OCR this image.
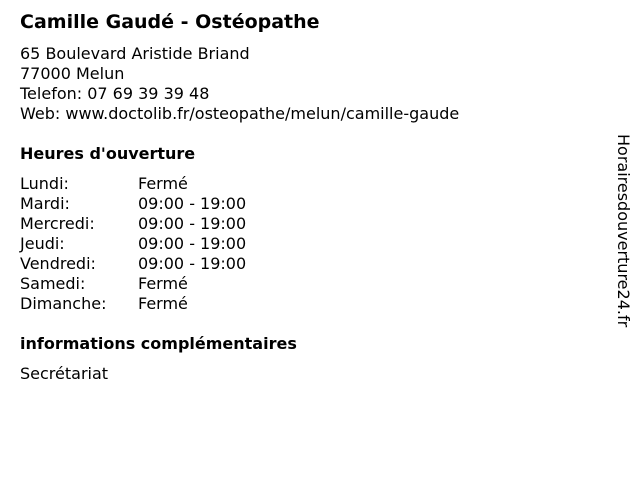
Camille Gaudé - Ostéopathe
65 Boulevard Aristide Briand
77000 Melun
Telefon: 07 69 39 39 48
Web: www.doctolib.fr/osteopathe/melun/camille-gaude
Heures d'ouverture
Lundi:	Fermé
Mardi:	09:00 - 19:00
Mercredi:	09:00 - 19:00
Jeudi:	09:00 - 19:00
Vendredi:	09:00 - 19:00
Samedi:	Fermé
Dimanche: Fermé
informations complémentaires
Secrétariat
Horairesdouverture24.fr
